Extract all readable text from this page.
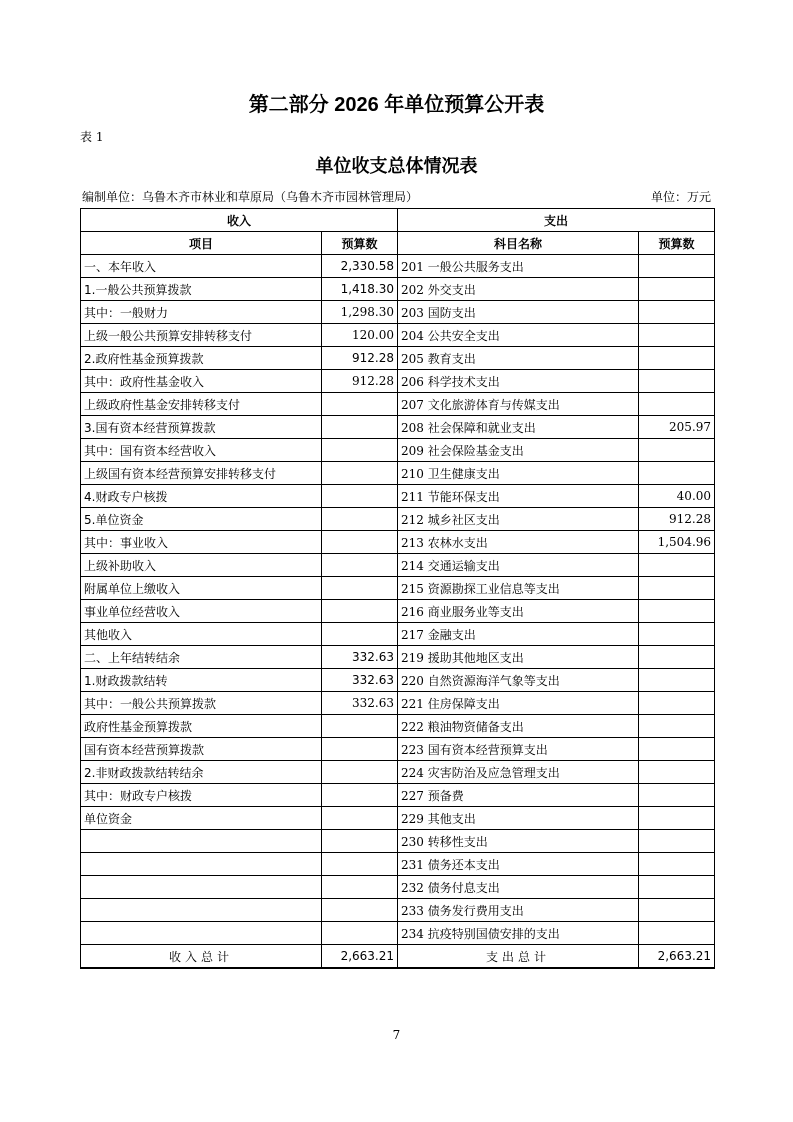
第二部分 2026 年单位预算公开表
表 1
单位收支总体情况表
编制单位：乌鲁木齐市林业和草原局（乌鲁木齐市园林管理局）	单位：万元
收入		支出	
项目	预算数	科目名称	预算数
一、本年收入	2,330.58	201 一般公共服务支出	
1.一般公共预算拨款	1,418.30	202 外交支出	
其中：一般财力	1,298.30	203 国防支出	
上级一般公共预算安排转移支付	120.00	204 公共安全支出	
2.政府性基金预算拨款	912.28	205 教育支出	
其中：政府性基金收入	912.28	206 科学技术支出	
上级政府性基金安排转移支付		207 文化旅游体育与传媒支出	
3.国有资本经营预算拨款		208 社会保障和就业支出	205.97
其中：国有资本经营收入		209 社会保险基金支出	
上级国有资本经营预算安排转移支付		210 卫生健康支出	
4.财政专户核拨		211 节能环保支出	40.00
5.单位资金		212 城乡社区支出	912.28
其中：事业收入		213 农林水支出	1,504.96
上级补助收入		214 交通运输支出	
附属单位上缴收入		215 资源勘探工业信息等支出	
事业单位经营收入		216 商业服务业等支出	
其他收入		217 金融支出	
二、上年结转结余	332.63	219 援助其他地区支出	
1.财政拨款结转	332.63	220 自然资源海洋气象等支出	
其中：一般公共预算拨款	332.63	221 住房保障支出	
政府性基金预算拨款		222 粮油物资储备支出	
国有资本经营预算拨款		223 国有资本经营预算支出	
2.非财政拨款结转结余		224 灾害防治及应急管理支出	
其中：财政专户核拨		227 预备费	
单位资金		229 其他支出	
		230 转移性支出	
		231 债务还本支出	
		232 债务付息支出	
		233 债务发行费用支出	
		234 抗疫特别国债安排的支出	
收入总计	2,663.21	支出总计	2,663.21
7
